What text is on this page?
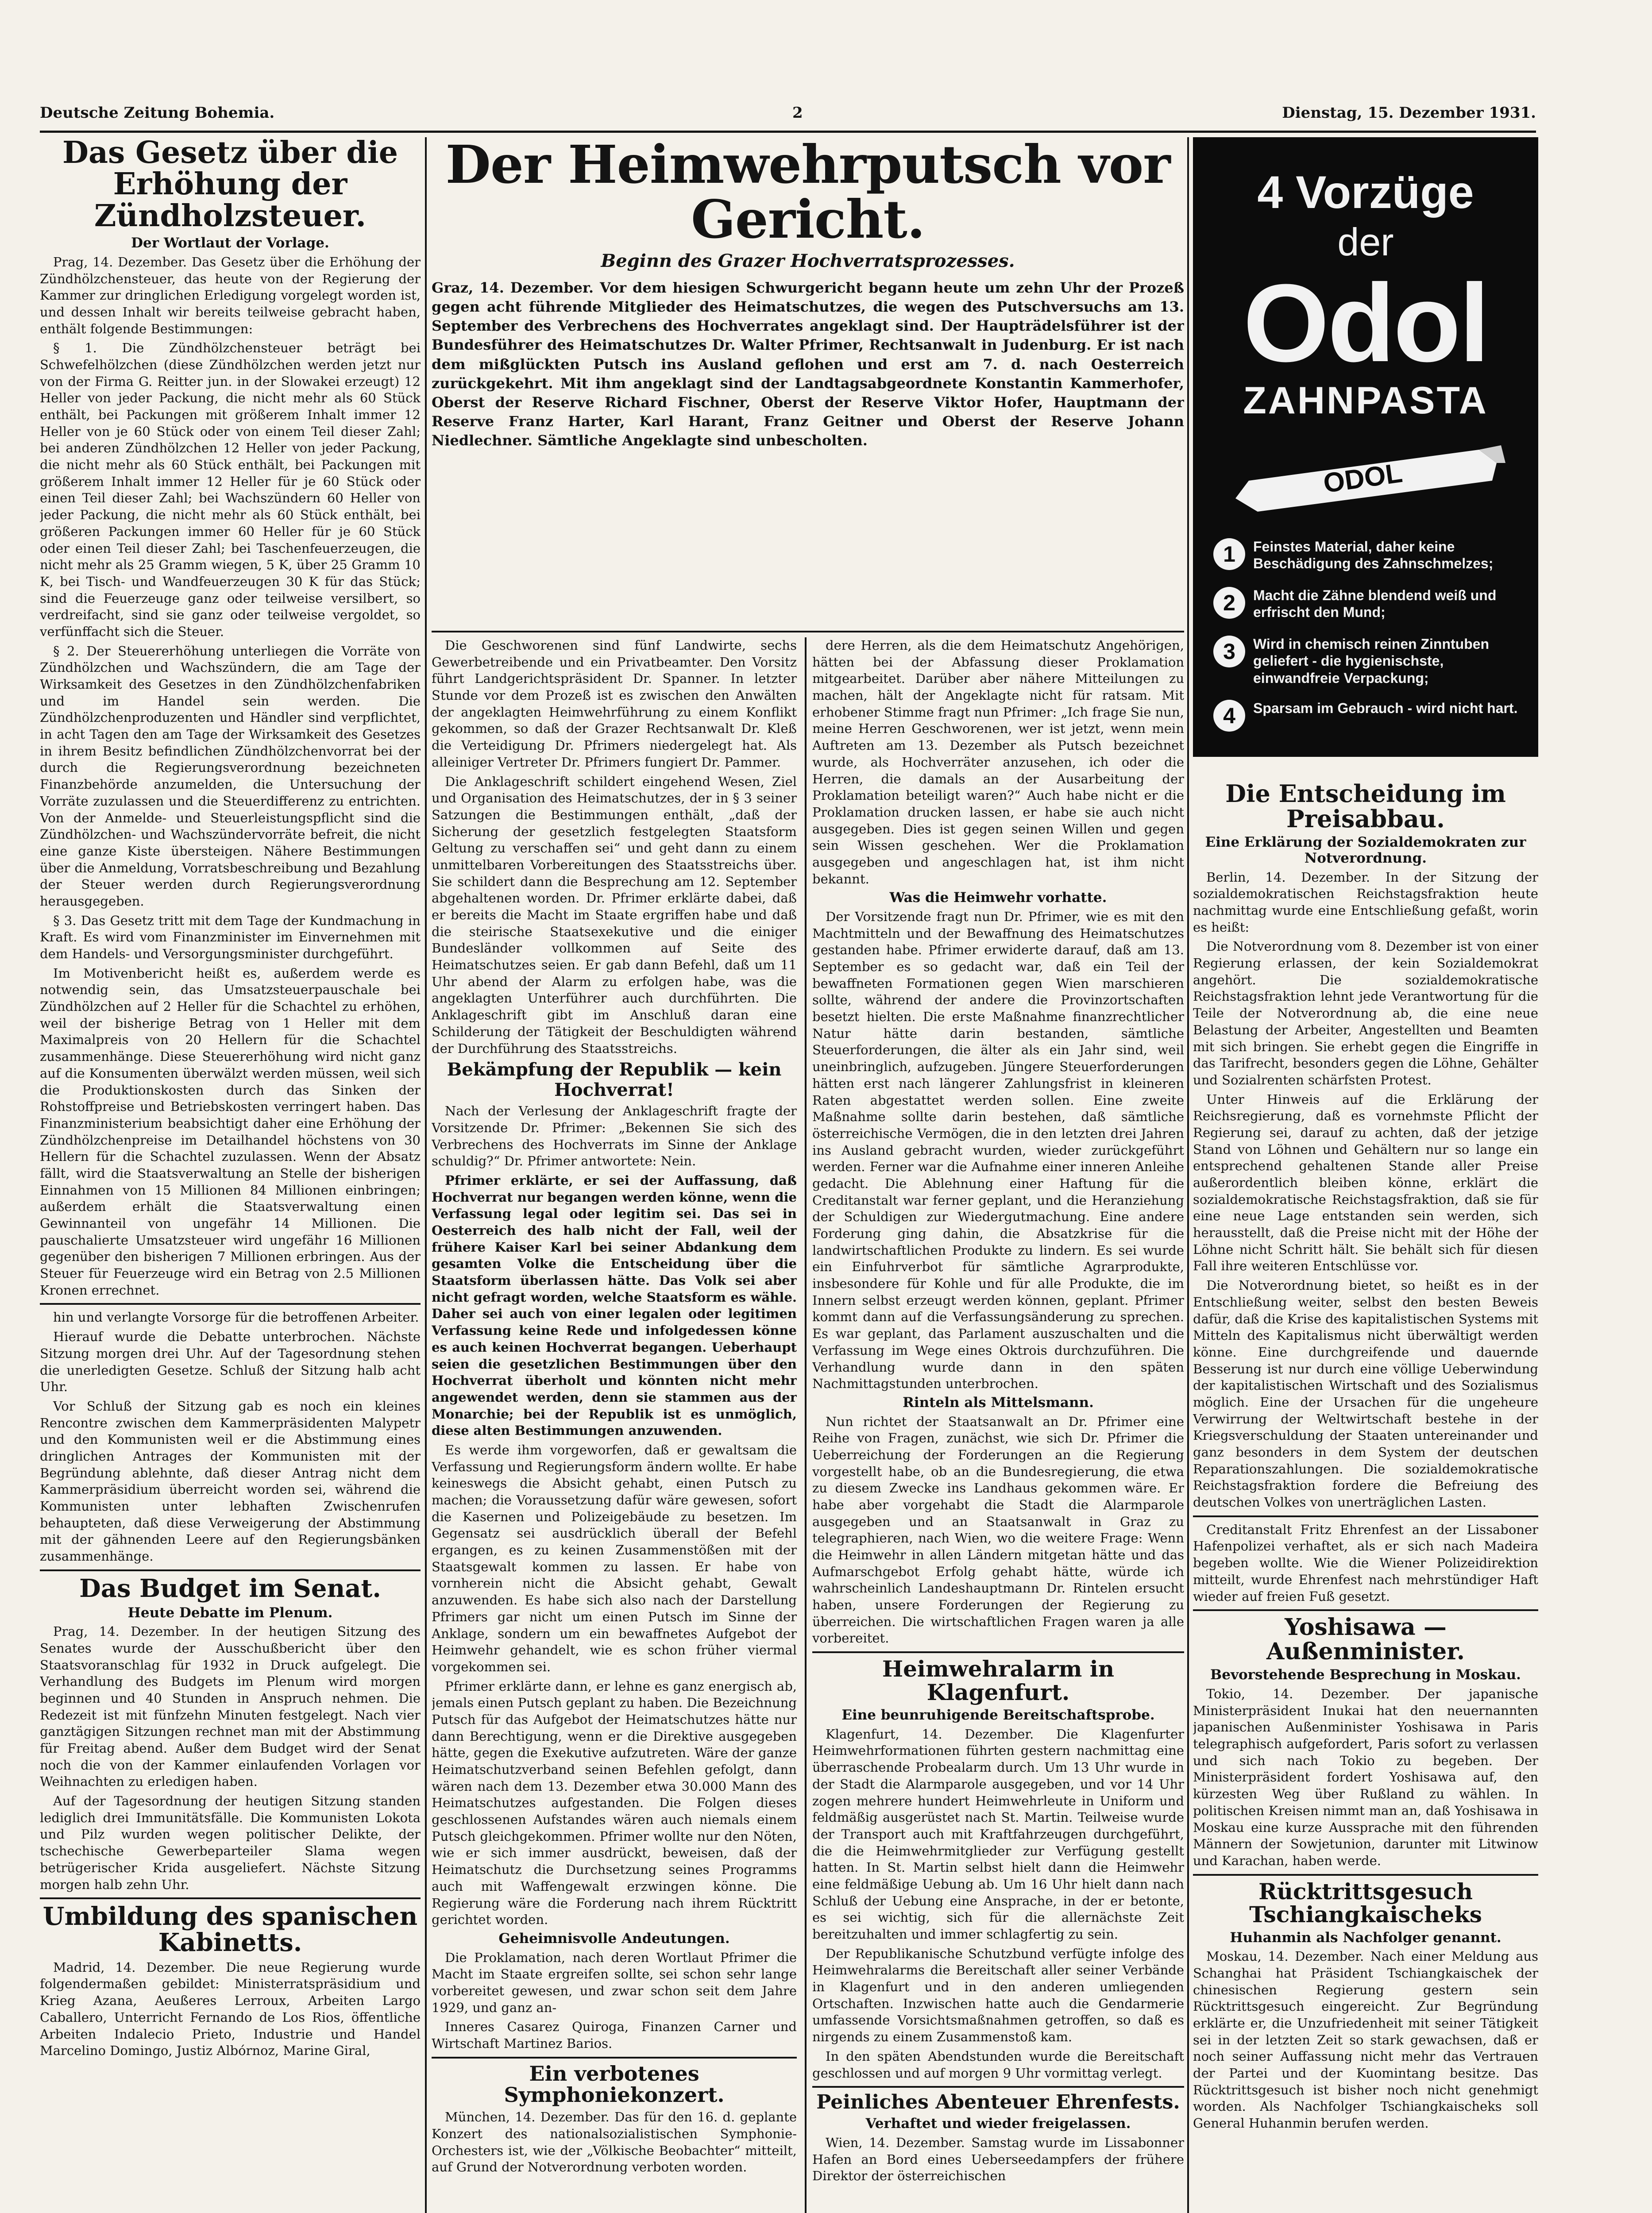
Deutsche Zeitung Bohemia.	2	Dienstag, 15. Dezember 1931.
Das Gesetz über die Erhöhung der Zündholzsteuer.
Der Wortlaut der Vorlage.

Prag, 14. Dezember. Das Gesetz über die Erhöhung der Zündhölzchensteuer, das heute von der Regierung der Kammer zur dringlichen Erledigung vorgelegt worden ist, und dessen Inhalt wir bereits teilweise gebracht haben, enthält folgende Bestimmungen:

§ 1. Die Zündhölzchensteuer beträgt bei Schwefelhölzchen (diese Zündhölzchen werden jetzt nur von der Firma G. Reitter jun. in der Slowakei erzeugt) 12 Heller von jeder Packung, die nicht mehr als 60 Stück enthält, bei Packungen mit größerem Inhalt immer 12 Heller von je 60 Stück oder von einem Teil dieser Zahl; bei anderen Zündhölzchen 12 Heller von jeder Packung, die nicht mehr als 60 Stück enthält, bei Packungen mit größerem Inhalt immer 12 Heller für je 60 Stück oder einen Teil dieser Zahl; bei Wachszündern 60 Heller von jeder Packung, die nicht mehr als 60 Stück enthält, bei größeren Packungen immer 60 Heller für je 60 Stück oder einen Teil dieser Zahl; bei Taschenfeuerzeugen, die nicht mehr als 25 Gramm wiegen, 5 K, über 25 Gramm 10 K, bei Tisch- und Wandfeuerzeugen 30 K für das Stück; sind die Feuerzeuge ganz oder teilweise versilbert, so verdreifacht, sind sie ganz oder teilweise vergoldet, so verfünffacht sich die Steuer.

§ 2. Der Steuererhöhung unterliegen die Vorräte von Zündhölzchen und Wachszündern, die am Tage der Wirksamkeit des Gesetzes in den Zündhölzchenfabriken und im Handel sein werden. Die Zündhölzchenproduzenten und Händler sind verpflichtet, in acht Tagen den am Tage der Wirksamkeit des Gesetzes in ihrem Besitz befindlichen Zündhölzchenvorrat bei der durch die Regierungsverordnung bezeichneten Finanzbehörde anzumelden, die Untersuchung der Vorräte zuzulassen und die Steuerdifferenz zu entrichten. Von der Anmelde- und Steuerleistungspflicht sind die Zündhölzchen- und Wachszündervorräte befreit, die nicht eine ganze Kiste übersteigen. Nähere Bestimmungen über die Anmeldung, Vorratsbeschreibung und Bezahlung der Steuer werden durch Regierungsverordnung herausgegeben.

§ 3. Das Gesetz tritt mit dem Tage der Kundmachung in Kraft. Es wird vom Finanzminister im Einvernehmen mit dem Handels- und Versorgungsminister durchgeführt.

Im Motivenbericht heißt es, außerdem werde es notwendig sein, das Umsatzsteuerpauschale bei Zündhölzchen auf 2 Heller für die Schachtel zu erhöhen, weil der bisherige Betrag von 1 Heller mit dem Maximalpreis von 20 Hellern für die Schachtel zusammenhänge. Diese Steuererhöhung wird nicht ganz auf die Konsumenten überwälzt werden müssen, weil sich die Produktionskosten durch das Sinken der Rohstoffpreise und Betriebskosten verringert haben. Das Finanzministerium beabsichtigt daher eine Erhöhung der Zündhölzchenpreise im Detailhandel höchstens von 30 Hellern für die Schachtel zuzulassen. Wenn der Absatz fällt, wird die Staatsverwaltung an Stelle der bisherigen Einnahmen von 15 Millionen 84 Millionen einbringen; außerdem erhält die Staatsverwaltung einen Gewinnanteil von ungefähr 14 Millionen. Die pauschalierte Umsatzsteuer wird ungefähr 16 Millionen gegenüber den bisherigen 7 Millionen erbringen. Aus der Steuer für Feuerzeuge wird ein Betrag von 2.5 Millionen Kronen errechnet.

hin und verlangte Vorsorge für die betroffenen Arbeiter.

Hierauf wurde die Debatte unterbrochen. Nächste Sitzung morgen drei Uhr. Auf der Tagesordnung stehen die unerledigten Gesetze. Schluß der Sitzung halb acht Uhr.

Vor Schluß der Sitzung gab es noch ein kleines Rencontre zwischen dem Kammerpräsidenten Malypetr und den Kommunisten weil er die Abstimmung eines dringlichen Antrages der Kommunisten mit der Begründung ablehnte, daß dieser Antrag nicht dem Kammerpräsidium überreicht worden sei, während die Kommunisten unter lebhaften Zwischenrufen behaupteten, daß diese Verweigerung der Abstimmung mit der gähnenden Leere auf den Regierungsbänken zusammenhänge.

Das Budget im Senat.
Heute Debatte im Plenum.

Prag, 14. Dezember. In der heutigen Sitzung des Senates wurde der Ausschußbericht über den Staatsvoranschlag für 1932 in Druck aufgelegt. Die Verhandlung des Budgets im Plenum wird morgen beginnen und 40 Stunden in Anspruch nehmen. Die Redezeit ist mit fünfzehn Minuten festgelegt. Nach vier ganztägigen Sitzungen rechnet man mit der Abstimmung für Freitag abend. Außer dem Budget wird der Senat noch die von der Kammer einlaufenden Vorlagen vor Weihnachten zu erledigen haben.

Auf der Tagesordnung der heutigen Sitzung standen lediglich drei Immunitätsfälle. Die Kommunisten Lokota und Pilz wurden wegen politischer Delikte, der tschechische Gewerbeparteiler Slama wegen betrügerischer Krida ausgeliefert. Nächste Sitzung morgen halb zehn Uhr.

Umbildung des spanischen Kabinetts.

Madrid, 14. Dezember. Die neue Regierung wurde folgendermaßen gebildet: Ministerratspräsidium und Krieg Azana, Aeußeres Lerroux, Arbeiten Largo Caballero, Unterricht Fernando de Los Rios, öffentliche Arbeiten Indalecio Prieto, Industrie und Handel Marcelino Domingo, Justiz Albórnoz, Marine Giral,

Der Heimwehrputsch vor Gericht.
Beginn des Grazer Hochverratsprozesses.
Graz, 14. Dezember. Vor dem hiesigen Schwurgericht begann heute um zehn Uhr der Prozeß gegen acht führende Mitglieder des Heimatschutzes, die wegen des Putschversuchs am 13. September des Verbrechens des Hochverrates angeklagt sind. Der Haupträdelsführer ist der Bundesführer des Heimatschutzes Dr. Walter Pfrimer, Rechtsanwalt in Judenburg. Er ist nach dem mißglückten Putsch ins Ausland geflohen und erst am 7. d. nach Oesterreich zurückgekehrt. Mit ihm angeklagt sind der Landtagsabgeordnete Konstantin Kammerhofer, Oberst der Reserve Richard Fischner, Oberst der Reserve Viktor Hofer, Hauptmann der Reserve Franz Harter, Karl Harant, Franz Geitner und Oberst der Reserve Johann Niedlechner. Sämtliche Angeklagte sind unbescholten.

Die Geschworenen sind fünf Landwirte, sechs Gewerbetreibende und ein Privatbeamter. Den Vorsitz führt Landgerichtspräsident Dr. Spanner. In letzter Stunde vor dem Prozeß ist es zwischen den Anwälten der angeklagten Heimwehrführung zu einem Konflikt gekommen, so daß der Grazer Rechtsanwalt Dr. Kleß die Verteidigung Dr. Pfrimers niedergelegt hat. Als alleiniger Vertreter Dr. Pfrimers fungiert Dr. Pammer.

Die Anklageschrift schildert eingehend Wesen, Ziel und Organisation des Heimatschutzes, der in § 3 seiner Satzungen die Bestimmungen enthält, „daß der Sicherung der gesetzlich festgelegten Staatsform Geltung zu verschaffen sei“ und geht dann zu einem unmittelbaren Vorbereitungen des Staatsstreichs über. Sie schildert dann die Besprechung am 12. September abgehaltenen worden. Dr. Pfrimer erklärte dabei, daß er bereits die Macht im Staate ergriffen habe und daß die steirische Staatsexekutive und die einiger Bundesländer vollkommen auf Seite des Heimatschutzes seien. Er gab dann Befehl, daß um 11 Uhr abend der Alarm zu erfolgen habe, was die angeklagten Unterführer auch durchführten. Die Anklageschrift gibt im Anschluß daran eine Schilderung der Tätigkeit der Beschuldigten während der Durchführung des Staatsstreichs.

Bekämpfung der Republik — kein Hochverrat!

Nach der Verlesung der Anklageschrift fragte der Vorsitzende Dr. Pfrimer: „Bekennen Sie sich des Verbrechens des Hochverrats im Sinne der Anklage schuldig?“ Dr. Pfrimer antwortete: Nein.

Pfrimer erklärte, er sei der Auffassung, daß Hochverrat nur begangen werden könne, wenn die Verfassung legal oder legitim sei. Das sei in Oesterreich des halb nicht der Fall, weil der frühere Kaiser Karl bei seiner Abdankung dem gesamten Volke die Entscheidung über die Staatsform überlassen hätte. Das Volk sei aber nicht gefragt worden, welche Staatsform es wähle. Daher sei auch von einer legalen oder legitimen Verfassung keine Rede und infolgedessen könne es auch keinen Hochverrat begangen. Ueberhaupt seien die gesetzlichen Bestimmungen über den Hochverrat überholt und könnten nicht mehr angewendet werden, denn sie stammen aus der Monarchie; bei der Republik ist es unmöglich, diese alten Bestimmungen anzuwenden.

Es werde ihm vorgeworfen, daß er gewaltsam die Verfassung und Regierungsform ändern wollte. Er habe keineswegs die Absicht gehabt, einen Putsch zu machen; die Voraussetzung dafür wäre gewesen, sofort die Kasernen und Polizeigebäude zu besetzen. Im Gegensatz sei ausdrücklich überall der Befehl ergangen, es zu keinen Zusammenstößen mit der Staatsgewalt kommen zu lassen. Er habe von vornherein nicht die Absicht gehabt, Gewalt anzuwenden. Es habe sich also nach der Darstellung Pfrimers gar nicht um einen Putsch im Sinne der Anklage, sondern um ein bewaffnetes Aufgebot der Heimwehr gehandelt, wie es schon früher viermal vorgekommen sei.

Pfrimer erklärte dann, er lehne es ganz energisch ab, jemals einen Putsch geplant zu haben. Die Bezeichnung Putsch für das Aufgebot der Heimatschutzes hätte nur dann Berechtigung, wenn er die Direktive ausgegeben hätte, gegen die Exekutive aufzutreten. Wäre der ganze Heimatschutzverband seinen Befehlen gefolgt, dann wären nach dem 13. Dezember etwa 30.000 Mann des Heimatschutzes aufgestanden. Die Folgen dieses geschlossenen Aufstandes wären auch niemals einem Putsch gleichgekommen. Pfrimer wollte nur den Nöten, wie er sich immer ausdrückt, beweisen, daß der Heimatschutz die Durchsetzung seines Programms auch mit Waffengewalt erzwingen könne. Die Regierung wäre die Forderung nach ihrem Rücktritt gerichtet worden.

Geheimnisvolle Andeutungen.

Die Proklamation, nach deren Wortlaut Pfrimer die Macht im Staate ergreifen sollte, sei schon sehr lange vorbereitet gewesen, und zwar schon seit dem Jahre 1929, und ganz an-

Inneres Casarez Quiroga, Finanzen Carner und Wirtschaft Martinez Barios.

Ein verbotenes Symphoniekonzert.

München, 14. Dezember. Das für den 16. d. geplante Konzert des nationalsozialistischen Symphonie-Orchesters ist, wie der „Völkische Beobachter“ mitteilt, auf Grund der Notverordnung verboten worden.

dere Herren, als die dem Heimatschutz Angehörigen, hätten bei der Abfassung dieser Proklamation mitgearbeitet. Darüber aber nähere Mitteilungen zu machen, hält der Angeklagte nicht für ratsam. Mit erhobener Stimme fragt nun Pfrimer: „Ich frage Sie nun, meine Herren Geschworenen, wer ist jetzt, wenn mein Auftreten am 13. Dezember als Putsch bezeichnet wurde, als Hochverräter anzusehen, ich oder die Herren, die damals an der Ausarbeitung der Proklamation beteiligt waren?“ Auch habe nicht er die Proklamation drucken lassen, er habe sie auch nicht ausgegeben. Dies ist gegen seinen Willen und gegen sein Wissen geschehen. Wer die Proklamation ausgegeben und angeschlagen hat, ist ihm nicht bekannt.

Was die Heimwehr vorhatte.

Der Vorsitzende fragt nun Dr. Pfrimer, wie es mit den Machtmitteln und der Bewaffnung des Heimatschutzes gestanden habe. Pfrimer erwiderte darauf, daß am 13. September es so gedacht war, daß ein Teil der bewaffneten Formationen gegen Wien marschieren sollte, während der andere die Provinzortschaften besetzt hielten. Die erste Maßnahme finanzrechtlicher Natur hätte darin bestanden, sämtliche Steuerforderungen, die älter als ein Jahr sind, weil uneinbringlich, aufzugeben. Jüngere Steuerforderungen hätten erst nach längerer Zahlungsfrist in kleineren Raten abgestattet werden sollen. Eine zweite Maßnahme sollte darin bestehen, daß sämtliche österreichische Vermögen, die in den letzten drei Jahren ins Ausland gebracht wurden, wieder zurückgeführt werden. Ferner war die Aufnahme einer inneren Anleihe gedacht. Die Ablehnung einer Haftung für die Creditanstalt war ferner geplant, und die Heranziehung der Schuldigen zur Wiedergutmachung. Eine andere Forderung ging dahin, die Absatzkrise für die landwirtschaftlichen Produkte zu lindern. Es sei wurde ein Einfuhrverbot für sämtliche Agrarprodukte, insbesondere für Kohle und für alle Produkte, die im Innern selbst erzeugt werden können, geplant. Pfrimer kommt dann auf die Verfassungsänderung zu sprechen. Es war geplant, das Parlament auszuschalten und die Verfassung im Wege eines Oktrois durchzuführen. Die Verhandlung wurde dann in den späten Nachmittagstunden unterbrochen.

Rinteln als Mittelsmann.

Nun richtet der Staatsanwalt an Dr. Pfrimer eine Reihe von Fragen, zunächst, wie sich Dr. Pfrimer die Ueberreichung der Forderungen an die Regierung vorgestellt habe, ob an die Bundesregierung, die etwa zu diesem Zwecke ins Landhaus gekommen wäre. Er habe aber vorgehabt die Stadt die Alarmparole ausgegeben und an Staatsanwalt in Graz zu telegraphieren, nach Wien, wo die weitere Frage: Wenn die Heimwehr in allen Ländern mitgetan hätte und das Aufmarschgebot Erfolg gehabt hätte, würde ich wahrscheinlich Landeshauptmann Dr. Rintelen ersucht haben, unsere Forderungen der Regierung zu überreichen. Die wirtschaftlichen Fragen waren ja alle vorbereitet.

Heimwehralarm in Klagenfurt.
Eine beunruhigende Bereitschaftsprobe.

Klagenfurt, 14. Dezember. Die Klagenfurter Heimwehrformationen führten gestern nachmittag eine überraschende Probealarm durch. Um 13 Uhr wurde in der Stadt die Alarmparole ausgegeben, und vor 14 Uhr zogen mehrere hundert Heimwehrleute in Uniform und feldmäßig ausgerüstet nach St. Martin. Teilweise wurde der Transport auch mit Kraftfahrzeugen durchgeführt, die die Heimwehrmitglieder zur Verfügung gestellt hatten. In St. Martin selbst hielt dann die Heimwehr eine feldmäßige Uebung ab. Um 16 Uhr hielt dann nach Schluß der Uebung eine Ansprache, in der er betonte, es sei wichtig, sich für die allernächste Zeit bereitzuhalten und immer schlagfertig zu sein.

Der Republikanische Schutzbund verfügte infolge des Heimwehralarms die Bereitschaft aller seiner Verbände in Klagenfurt und in den anderen umliegenden Ortschaften. Inzwischen hatte auch die Gendarmerie umfassende Vorsichtsmaßnahmen getroffen, so daß es nirgends zu einem Zusammenstoß kam.

In den späten Abendstunden wurde die Bereitschaft geschlossen und auf morgen 9 Uhr vormittag verlegt.

Peinliches Abenteuer Ehrenfests.
Verhaftet und wieder freigelassen.

Wien, 14. Dezember. Samstag wurde im Lissabonner Hafen an Bord eines Ueberseedampfers der frühere Direktor der österreichischen

4 Vorzüge
der
Odol
ZAHNPASTA
ODOL
1	Feinstes Material, daher keine Beschädigung des Zahnschmelzes;
2	Macht die Zähne blendend weiß und erfrischt den Mund;
3	Wird in chemisch reinen Zinntuben geliefert - die hygienischste, einwandfreie Verpackung;
4	Sparsam im Gebrauch - wird nicht hart.
Die Entscheidung im Preisabbau.
Eine Erklärung der Sozialdemokraten zur Notverordnung.

Berlin, 14. Dezember. In der Sitzung der sozialdemokratischen Reichstagsfraktion heute nachmittag wurde eine Entschließung gefaßt, worin es heißt:

Die Notverordnung vom 8. Dezember ist von einer Regierung erlassen, der kein Sozialdemokrat angehört. Die sozialdemokratische Reichstagsfraktion lehnt jede Verantwortung für die Teile der Notverordnung ab, die eine neue Belastung der Arbeiter, Angestellten und Beamten mit sich bringen. Sie erhebt gegen die Eingriffe in das Tarifrecht, besonders gegen die Löhne, Gehälter und Sozialrenten schärfsten Protest.

Unter Hinweis auf die Erklärung der Reichsregierung, daß es vornehmste Pflicht der Regierung sei, darauf zu achten, daß der jetzige Stand von Löhnen und Gehältern nur so lange ein entsprechend gehaltenen Stande aller Preise außerordentlich bleiben könne, erklärt die sozialdemokratische Reichstagsfraktion, daß sie für eine neue Lage entstanden sein werden, sich herausstellt, daß die Preise nicht mit der Höhe der Löhne nicht Schritt hält. Sie behält sich für diesen Fall ihre weiteren Entschlüsse vor.

Die Notverordnung bietet, so heißt es in der Entschließung weiter, selbst den besten Beweis dafür, daß die Krise des kapitalistischen Systems mit Mitteln des Kapitalismus nicht überwältigt werden könne. Eine durchgreifende und dauernde Besserung ist nur durch eine völlige Ueberwindung der kapitalistischen Wirtschaft und des Sozialismus möglich. Eine der Ursachen für die ungeheure Verwirrung der Weltwirtschaft bestehe in der Kriegsverschuldung der Staaten untereinander und ganz besonders in dem System der deutschen Reparationszahlungen. Die sozialdemokratische Reichstagsfraktion fordere die Befreiung des deutschen Volkes von unerträglichen Lasten.

Creditanstalt Fritz Ehrenfest an der Lissaboner Hafenpolizei verhaftet, als er sich nach Madeira begeben wollte. Wie die Wiener Polizeidirektion mitteilt, wurde Ehrenfest nach mehrstündiger Haft wieder auf freien Fuß gesetzt.

Yoshisawa — Außenminister.
Bevorstehende Besprechung in Moskau.

Tokio, 14. Dezember. Der japanische Ministerpräsident Inukai hat den neuernannten japanischen Außenminister Yoshisawa in Paris telegraphisch aufgefordert, Paris sofort zu verlassen und sich nach Tokio zu begeben. Der Ministerpräsident fordert Yoshisawa auf, den kürzesten Weg über Rußland zu wählen. In politischen Kreisen nimmt man an, daß Yoshisawa in Moskau eine kurze Aussprache mit den führenden Männern der Sowjetunion, darunter mit Litwinow und Karachan, haben werde.

Rücktrittsgesuch Tschiangkaischeks
Huhanmin als Nachfolger genannt.

Moskau, 14. Dezember. Nach einer Meldung aus Schanghai hat Präsident Tschiangkaischek der chinesischen Regierung gestern sein Rücktrittsgesuch eingereicht. Zur Begründung erklärte er, die Unzufriedenheit mit seiner Tätigkeit sei in der letzten Zeit so stark gewachsen, daß er noch seiner Auffassung nicht mehr das Vertrauen der Partei und der Kuomintang besitze. Das Rücktrittsgesuch ist bisher noch nicht genehmigt worden. Als Nachfolger Tschiangkaischeks soll General Huhanmin berufen werden.
